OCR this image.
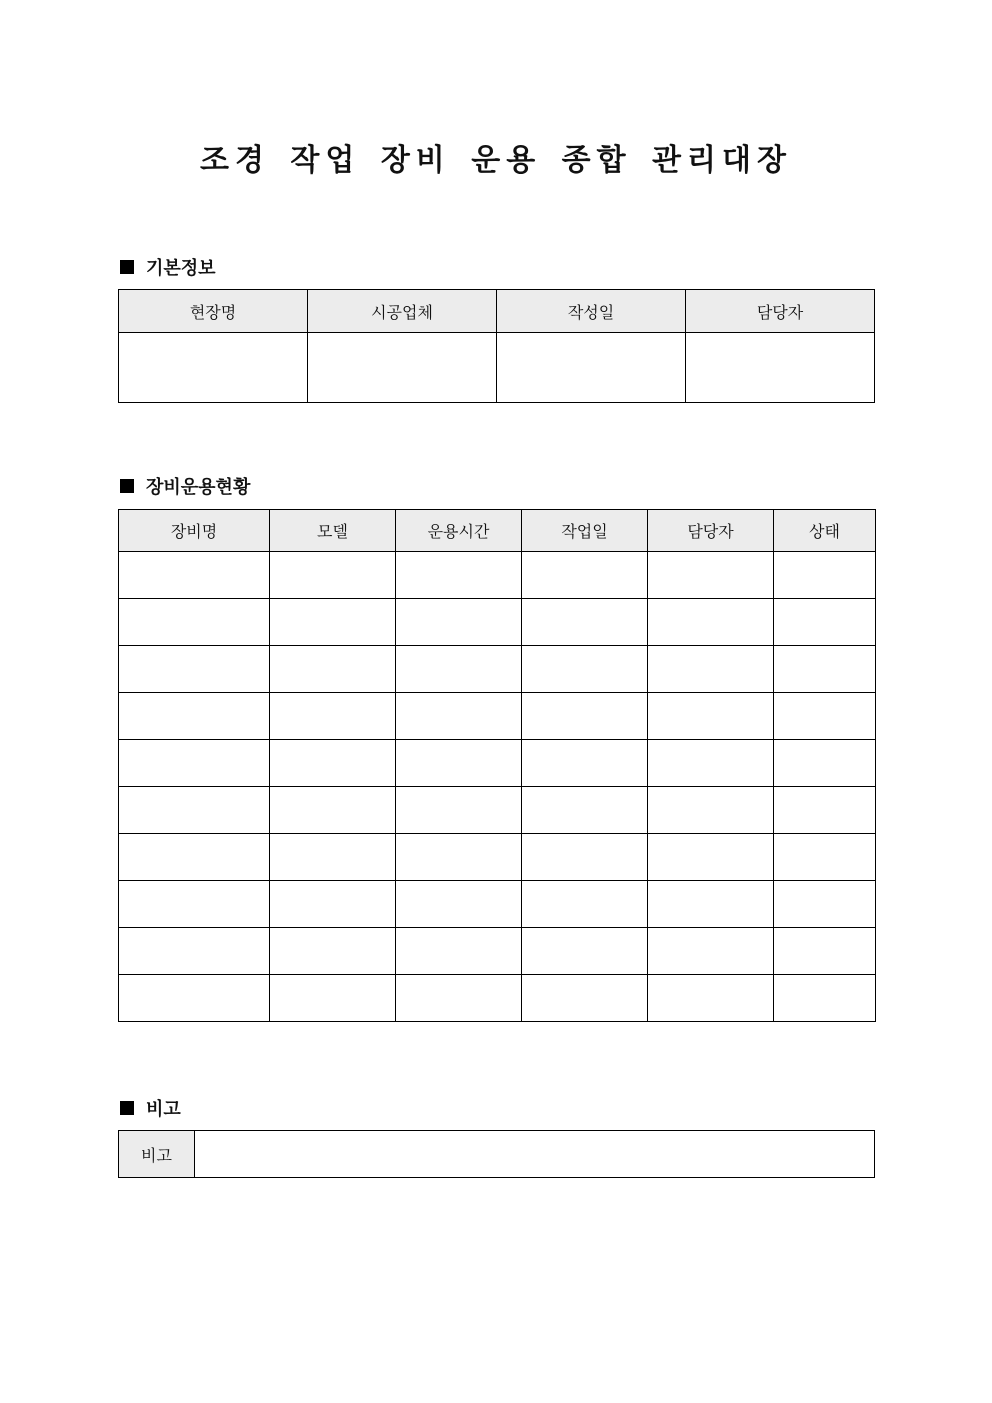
조경 작업 장비 운용 종합 관리대장
기본정보
현장명	시공업체	작성일	담당자

장비운용현황
장비명	모델	운용시간	작업일	담당자	상태

비고
비고	
